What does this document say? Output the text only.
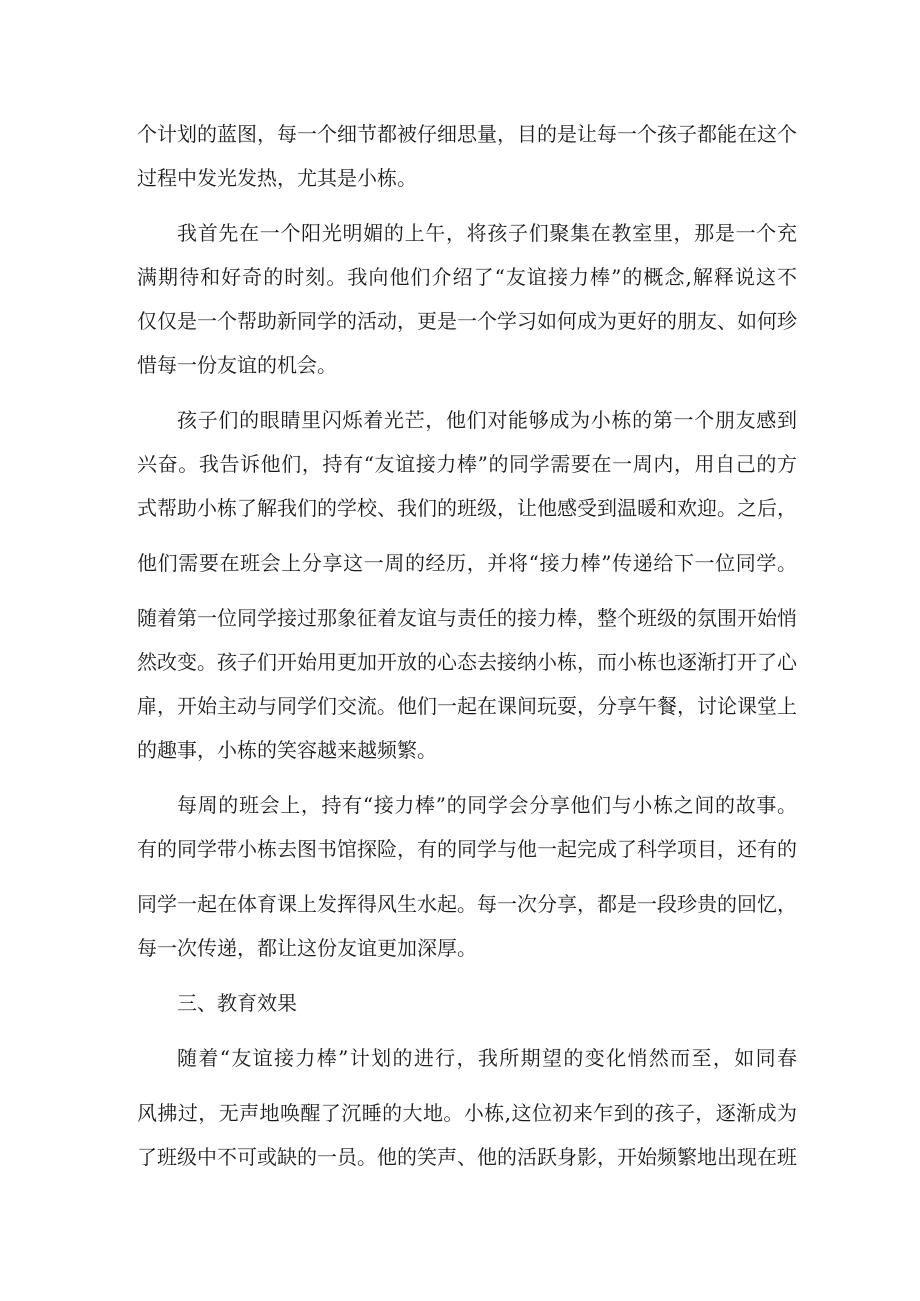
个计划的蓝图，每一个细节都被仔细思量，目的是让每一个孩子都能在这个

过程中发光发热，尤其是小栋。

我首先在一个阳光明媚的上午，将孩子们聚集在教室里，那是一个充

满期待和好奇的时刻。我向他们介绍了“友谊接力棒”的概念,解释说这不

仅仅是一个帮助新同学的活动，更是一个学习如何成为更好的朋友、如何珍

惜每一份友谊的机会。

孩子们的眼睛里闪烁着光芒，他们对能够成为小栋的第一个朋友感到

兴奋。我告诉他们，持有“友谊接力棒”的同学需要在一周内，用自己的方

式帮助小栋了解我们的学校、我们的班级，让他感受到温暖和欢迎。之后，

他们需要在班会上分享这一周的经历，并将“接力棒”传递给下一位同学。

随着第一位同学接过那象征着友谊与责任的接力棒，整个班级的氛围开始悄

然改变。孩子们开始用更加开放的心态去接纳小栋，而小栋也逐渐打开了心

扉，开始主动与同学们交流。他们一起在课间玩耍，分享午餐，讨论课堂上

的趣事，小栋的笑容越来越频繁。

每周的班会上，持有“接力棒”的同学会分享他们与小栋之间的故事。

有的同学带小栋去图书馆探险，有的同学与他一起完成了科学项目，还有的

同学一起在体育课上发挥得风生水起。每一次分享，都是一段珍贵的回忆，

每一次传递，都让这份友谊更加深厚。

三、教育效果

随着“友谊接力棒”计划的进行，我所期望的变化悄然而至，如同春

风拂过，无声地唤醒了沉睡的大地。小栋,这位初来乍到的孩子，逐渐成为

了班级中不可或缺的一员。他的笑声、他的活跃身影，开始频繁地出现在班
